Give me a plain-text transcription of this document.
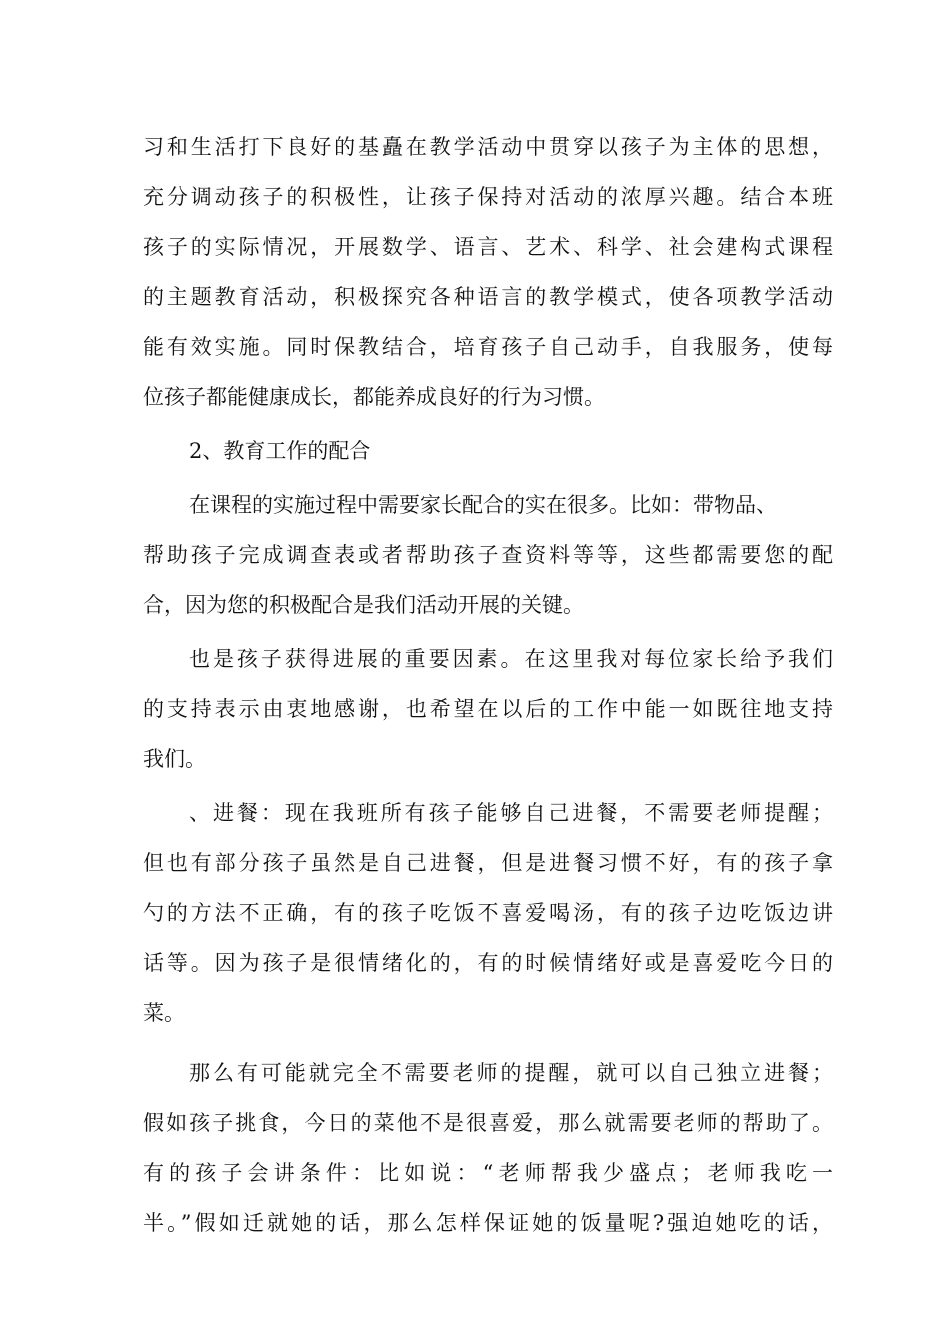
习和生活打下良好的基矗在教学活动中贯穿以孩子为主体的思想，
充分调动孩子的积极性，让孩子保持对活动的浓厚兴趣。结合本班
孩子的实际情况，开展数学、语言、艺术、科学、社会建构式课程
的主题教育活动，积极探究各种语言的教学模式，使各项教学活动
能有效实施。同时保教结合，培育孩子自己动手，自我服务，使每
位孩子都能健康成长，都能养成良好的行为习惯。
2、教育工作的配合
在课程的实施过程中需要家长配合的实在很多。比如：带物品、
帮助孩子完成调查表或者帮助孩子查资料等等，这些都需要您的配
合，因为您的积极配合是我们活动开展的关键。
也是孩子获得进展的重要因素。在这里我对每位家长给予我们
的支持表示由衷地感谢，也希望在以后的工作中能一如既往地支持
我们。
、进餐：现在我班所有孩子能够自己进餐，不需要老师提醒；
但也有部分孩子虽然是自己进餐，但是进餐习惯不好，有的孩子拿
勺的方法不正确，有的孩子吃饭不喜爱喝汤，有的孩子边吃饭边讲
话等。因为孩子是很情绪化的，有的时候情绪好或是喜爱吃今日的
菜。
那么有可能就完全不需要老师的提醒，就可以自己独立进餐；
假如孩子挑食，今日的菜他不是很喜爱，那么就需要老师的帮助了。
有的孩子会讲条件：比如说：“老师帮我少盛点；老师我吃一
半。”假如迁就她的话，那么怎样保证她的饭量呢?强迫她吃的话，
